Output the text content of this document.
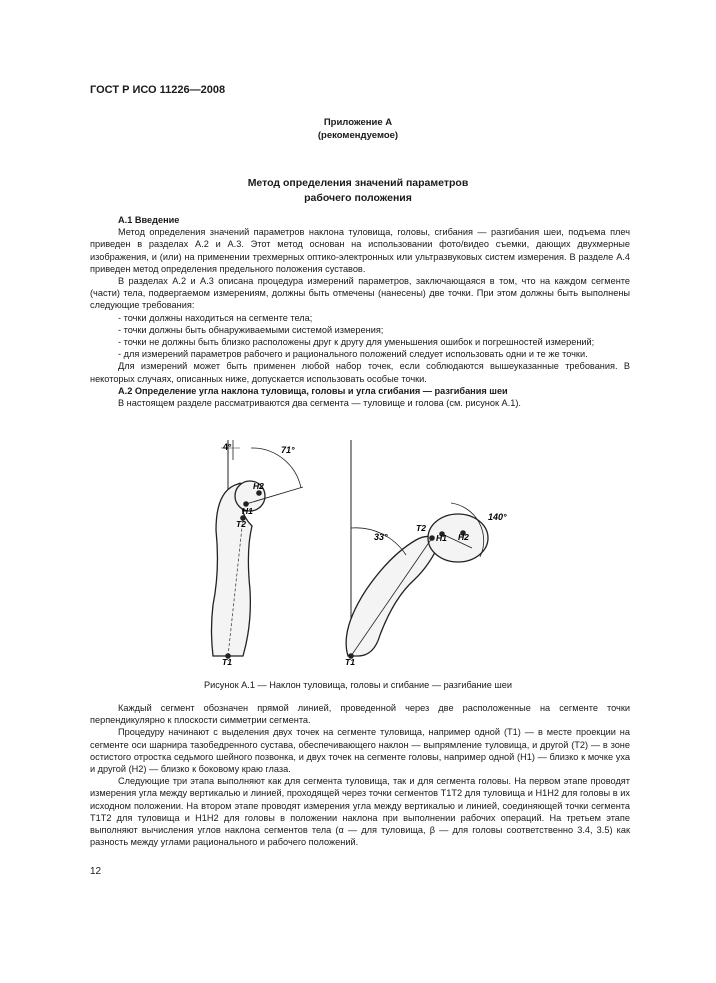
ГОСТ Р ИСО 11226—2008
Приложение А
(рекомендуемое)
Метод определения значений параметров
рабочего положения

А.1 Введение

Метод определения значений параметров наклона туловища, головы, сгибания — разгибания шеи, подъема плеч приведен в разделах А.2 и А.3. Этот метод основан на использовании фото/видео съемки, дающих двухмерные изображения, и (или) на применении трехмерных оптико-электронных или ультразвуковых систем измерения. В разделе А.4 приведен метод определения предельного положения суставов.

В разделах А.2 и А.3 описана процедура измерений параметров, заключающаяся в том, что на каждом сегменте (части) тела, подвергаемом измерениям, должны быть отмечены (нанесены) две точки. При этом должны быть выполнены следующие требования:

- точки должны находиться на сегменте тела;

- точки должны быть обнаруживаемыми системой измерения;

- точки не должны быть близко расположены друг к другу для уменьшения ошибок и погрешностей измерений;

- для измерений параметров рабочего и рационального положений следует использовать одни и те же точки.

Для измерений может быть применен любой набор точек, если соблюдаются вышеуказанные требования. В некоторых случаях, описанных ниже, допускается использовать особые точки.

А.2 Определение угла наклона туловища, головы и угла сгибания — разгибания шеи

В настоящем разделе рассматриваются два сегмента — туловище и голова (см. рисунок А.1).

4°	71°
H2
H1
T2
T1
33°
140°
H2
H1
T2
T1
Рисунок А.1 — Наклон туловища, головы и сгибание — разгибание шеи

Каждый сегмент обозначен прямой линией, проведенной через две расположенные на сегменте точки перпендикулярно к плоскости симметрии сегмента.

Процедуру начинают с выделения двух точек на сегменте туловища, например одной (T1) — в месте проекции на сегменте оси шарнира тазобедренного сустава, обеспечивающего наклон — выпрямление туловища, и другой (T2) — в зоне остистого отростка седьмого шейного позвонка, и двух точек на сегменте головы, например одной (H1) — близко к мочке уха и другой (H2) — близко к боковому краю глаза.

Следующие три этапа выполняют как для сегмента туловища, так и для сегмента головы. На первом этапе проводят измерения угла между вертикалью и линией, проходящей через точки сегментов T1T2 для туловища и H1H2 для головы в их исходном положении. На втором этапе проводят измерения угла между вертикалью и линией, соединяющей точки сегмента T1T2 для туловища и H1H2 для головы в положении наклона при выполнении рабочих операций. На третьем этапе выполняют вычисления углов наклона сегментов тела (α — для туловища, β — для головы соответственно 3.4, 3.5) как разность между углами рационального и рабочего положений.

12
